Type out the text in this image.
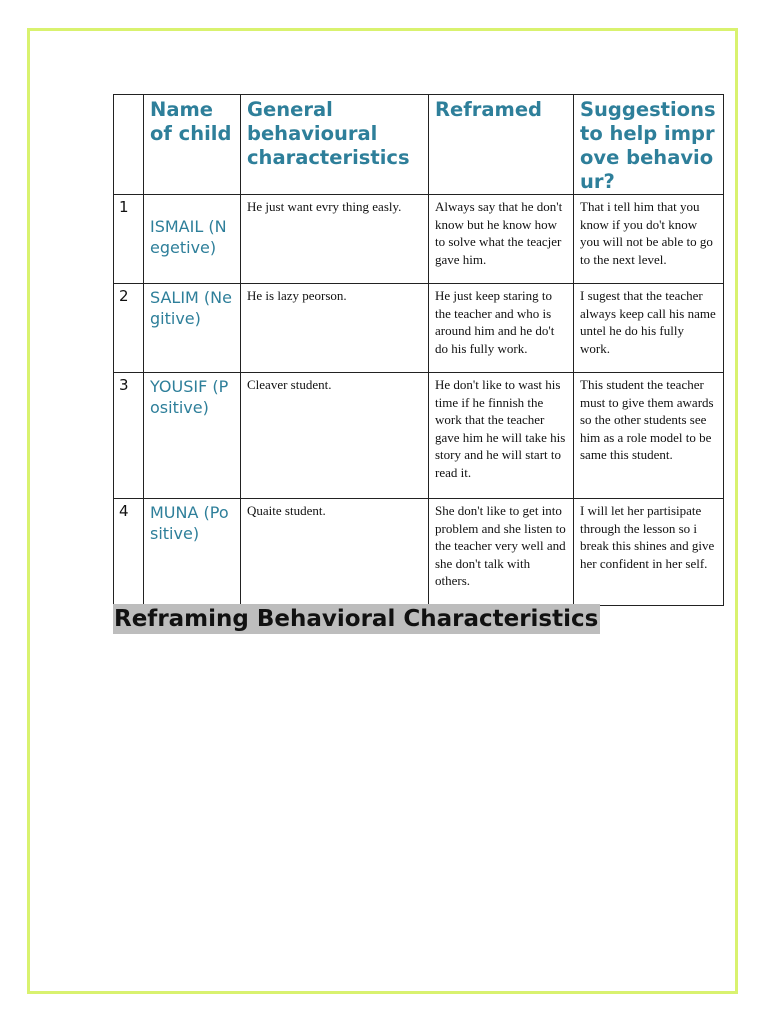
	Name of child	General behavioural characteristics	Reframed	Suggestions to help improve behaviour?
1	ISMAIL (Negetive)	He just want evry thing easly.	Always say that he don't know but he know how to solve what the teacjer gave him.	That i tell him that you know if you do't know you will not be able to go to the next level.
2	SALIM (Negitive)	He is lazy peorson.	He just keep staring to the teacher and who is around him and he do't do his fully work.	I sugest that the teacher always keep call his name untel he do his fully work.
3	YOUSIF (Positive)	Cleaver student.	He don't like to wast his time if he finnish the work that the teacher gave him he will take his story and he will start to read it.	This student the teacher must to give them awards so the other students see him as a role model to be same this student.
4	MUNA (Positive)	Quaite student.	She don't like to get into problem and she listen to the teacher very well and she don't talk with others.	I will let her partisipate through the lesson so i break this shines and give her confident in her self.
Reframing Behavioral Characteristics
